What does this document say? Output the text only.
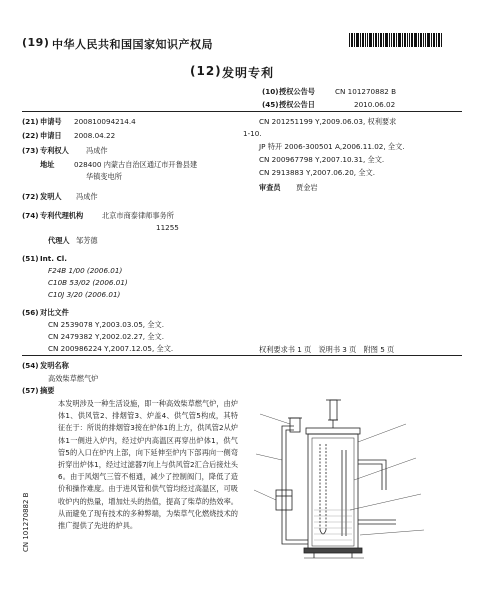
(19) 中华人民共和国国家知识产权局
(12) 发明专利
(10) 授权公告号	CN 101270882 B
(45) 授权公告日	2010.06.02
(21) 申请号 200810094214.4
(22) 申请日 2008.04.22
(73) 专利权人 冯成作
地址	028400 内蒙古自治区通辽市开鲁县建
华镇变电所
(72) 发明人 冯成作
(74) 专利代理机构	北京市商泰律师事务所
11255
代理人 邹芳德
(51) Int. Cl.
F24B 1/00 (2006.01)
C10B 53/02 (2006.01)
C10J 3/20 (2006.01)
(56) 对比文件
CN 2539078 Y,2003.03.05, 全文.
CN 2479382 Y,2002.02.27, 全文.
CN 200986224 Y,2007.12.05, 全文.
CN 201251199 Y,2009.06.03, 权利要求
1-10.
JP 特开 2006-300501 A,2006.11.02, 全文.
CN 200967798 Y,2007.10.31, 全文.
CN 2913883 Y,2007.06.20, 全文.
审查员 贾金岩
权利要求书 1 页　说明书 3 页　附图 5 页
(54) 发明名称
高效柴草燃气炉
(57) 摘要
本发明涉及一种生活设施，即一种高效柴草燃气炉，由炉体1、供风管2、排烟管3、炉盖4、供气管5构成，其特征在于：所说的排烟管3接在炉体1的上方，供风管2从炉体1一侧进入炉内，经过炉内高温区再穿出炉体1，供气管5的入口在炉内上部，向下延伸至炉内下部再向一侧弯折穿出炉体1，经过过滤器7向上与供风管2汇合后接灶头6。由于风烟气三管不相通，减少了控制阀门，降低了造价和操作难度。由于进风管和供气管均经过高温区，可吸收炉内的热量，增加灶头的热值，提高了柴草的热效率。从而避免了现有技术的多种弊端，为柴草气化燃烧技术的推广提供了先进的炉具。
CN 101270882 B
